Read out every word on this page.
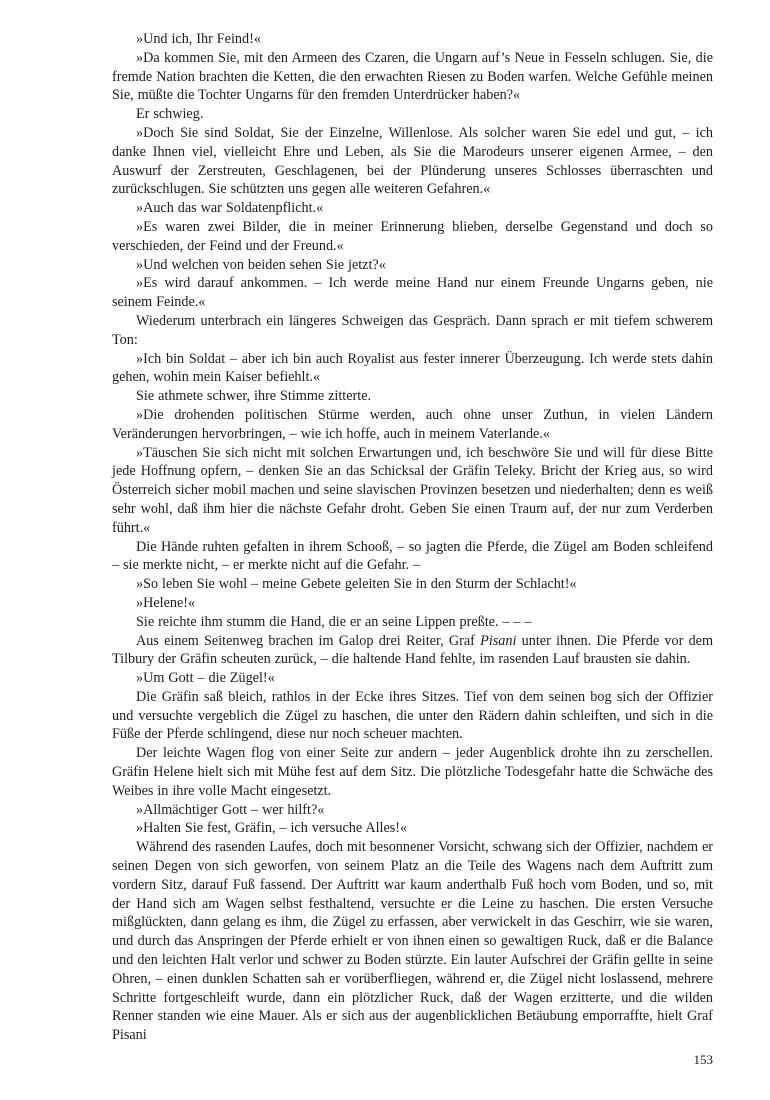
»Und ich, Ihr Feind!«

»Da kommen Sie, mit den Armeen des Czaren, die Ungarn auf’s Neue in Fesseln schlugen. Sie, die fremde Nation brachten die Ketten, die den erwachten Riesen zu Boden warfen. Welche Gefühle meinen Sie, müßte die Tochter Ungarns für den fremden Unterdrücker haben?«

Er schwieg.

»Doch Sie sind Soldat, Sie der Einzelne, Willenlose. Als solcher waren Sie edel und gut, – ich danke Ihnen viel, vielleicht Ehre und Leben, als Sie die Marodeurs unserer eigenen Armee, – den Auswurf der Zerstreuten, Geschlagenen, bei der Plünderung unseres Schlosses überraschten und zurückschlugen. Sie schützten uns gegen alle weiteren Gefahren.«

»Auch das war Soldatenpflicht.«

»Es waren zwei Bilder, die in meiner Erinnerung blieben, derselbe Gegenstand und doch so verschieden, der Feind und der Freund.«

»Und welchen von beiden sehen Sie jetzt?«

»Es wird darauf ankommen. – Ich werde meine Hand nur einem Freunde Ungarns geben, nie seinem Feinde.«

Wiederum unterbrach ein längeres Schweigen das Gespräch. Dann sprach er mit tiefem schwerem Ton:

»Ich bin Soldat – aber ich bin auch Royalist aus fester innerer Überzeugung. Ich werde stets dahin gehen, wohin mein Kaiser befiehlt.«

Sie athmete schwer, ihre Stimme zitterte.

»Die drohenden politischen Stürme werden, auch ohne unser Zuthun, in vielen Ländern Veränderungen hervorbringen, – wie ich hoffe, auch in meinem Vaterlande.«

»Täuschen Sie sich nicht mit solchen Erwartungen und, ich beschwöre Sie und will für diese Bitte jede Hoffnung opfern, – denken Sie an das Schicksal der Gräfin Teleky. Bricht der Krieg aus, so wird Österreich sicher mobil machen und seine slavischen Provinzen besetzen und niederhalten; denn es weiß sehr wohl, daß ihm hier die nächste Gefahr droht. Geben Sie einen Traum auf, der nur zum Verderben führt.«

Die Hände ruhten gefalten in ihrem Schooß, – so jagten die Pferde, die Zügel am Boden schleifend – sie merkte nicht, – er merkte nicht auf die Gefahr. –

»So leben Sie wohl – meine Gebete geleiten Sie in den Sturm der Schlacht!«

»Helene!«

Sie reichte ihm stumm die Hand, die er an seine Lippen preßte. – – –

Aus einem Seitenweg brachen im Galop drei Reiter, Graf Pisani unter ihnen. Die Pferde vor dem Tilbury der Gräfin scheuten zurück, – die haltende Hand fehlte, im rasenden Lauf brausten sie dahin.

»Um Gott – die Zügel!«

Die Gräfin saß bleich, rathlos in der Ecke ihres Sitzes. Tief von dem seinen bog sich der Offizier und versuchte vergeblich die Zügel zu haschen, die unter den Rädern dahin schleiften, und sich in die Füße der Pferde schlingend, diese nur noch scheuer machten.

Der leichte Wagen flog von einer Seite zur andern – jeder Augenblick drohte ihn zu zerschellen. Gräfin Helene hielt sich mit Mühe fest auf dem Sitz. Die plötzliche Todesgefahr hatte die Schwäche des Weibes in ihre volle Macht eingesetzt.

»Allmächtiger Gott – wer hilft?«

»Halten Sie fest, Gräfin, – ich versuche Alles!«

Während des rasenden Laufes, doch mit besonnener Vorsicht, schwang sich der Offizier, nachdem er seinen Degen von sich geworfen, von seinem Platz an die Teile des Wagens nach dem Auftritt zum vordern Sitz, darauf Fuß fassend. Der Auftritt war kaum anderthalb Fuß hoch vom Boden, und so, mit der Hand sich am Wagen selbst festhaltend, versuchte er die Leine zu haschen. Die ersten Versuche mißglückten, dann gelang es ihm, die Zügel zu erfassen, aber verwickelt in das Geschirr, wie sie waren, und durch das Anspringen der Pferde erhielt er von ihnen einen so gewaltigen Ruck, daß er die Balance und den leichten Halt verlor und schwer zu Boden stürzte. Ein lauter Aufschrei der Gräfin gellte in seine Ohren, – einen dunklen Schatten sah er vorüberfliegen, während er, die Zügel nicht loslassend, mehrere Schritte fortgeschleift wurde, dann ein plötzlicher Ruck, daß der Wagen erzitterte, und die wilden Renner standen wie eine Mauer. Als er sich aus der augenblicklichen Betäubung emporraffte, hielt Graf Pisani

153
